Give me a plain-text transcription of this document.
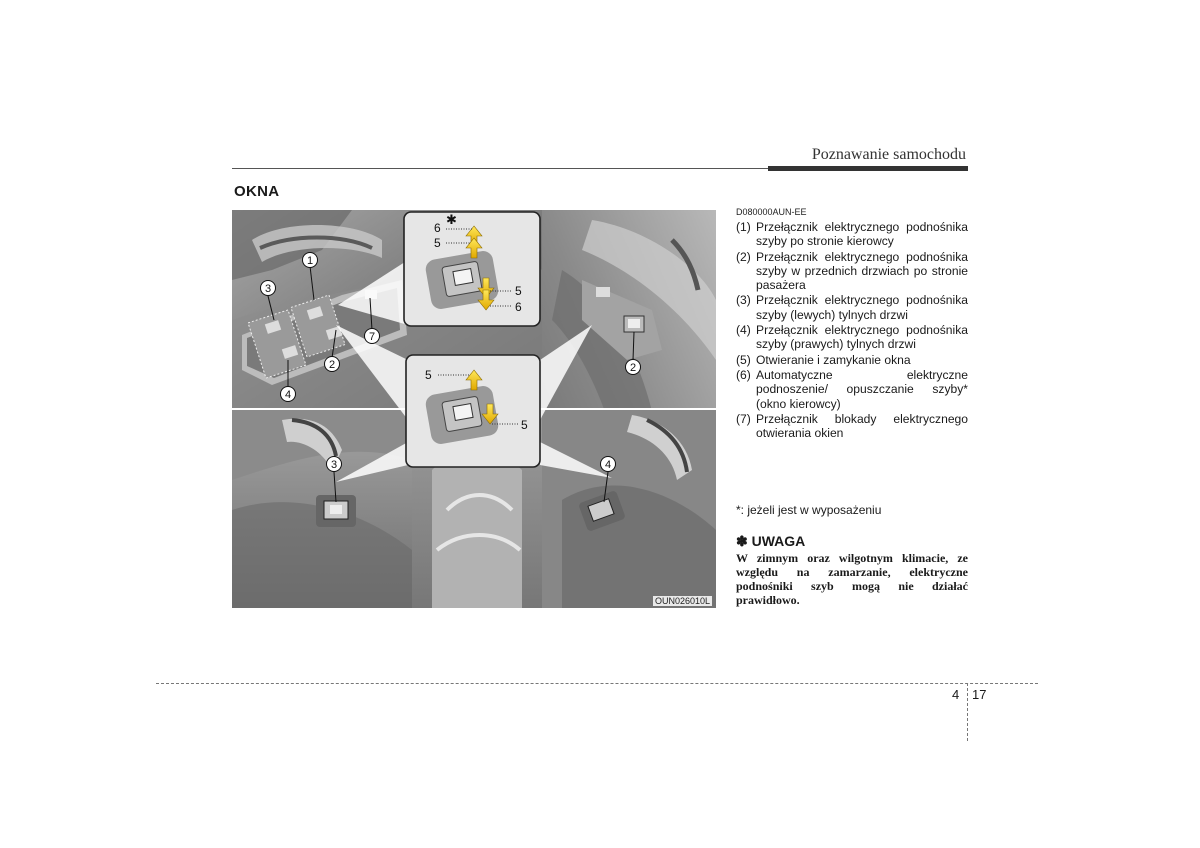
Poznawanie samochodu
OKNA
1
3
2
4
7
2
3	4
6
✱
5
5
6
5
5
OUN026010L
D080000AUN-EE
(1) Przełącznik elektrycznego podnośnika szyby po stronie kierowcy
(2) Przełącznik elektrycznego podnośnika szyby w przednich drzwiach po stronie pasażera
(3) Przełącznik elektrycznego podnośnika szyby (lewych) tylnych drzwi
(4) Przełącznik elektrycznego podnośnika szyby (prawych) tylnych drzwi
(5) Otwieranie i zamykanie okna
(6) Automatyczne elektryczne podnoszenie/ opuszczanie szyby* (okno kierowcy)
(7) Przełącznik blokady elektrycznego otwierania okien
*: jeżeli jest w wyposażeniu
✽ UWAGA
W zimnym oraz wilgotnym klimacie, ze względu na zamarzanie, elektryczne podnośniki szyb mogą nie działać prawidłowo.
4 17
